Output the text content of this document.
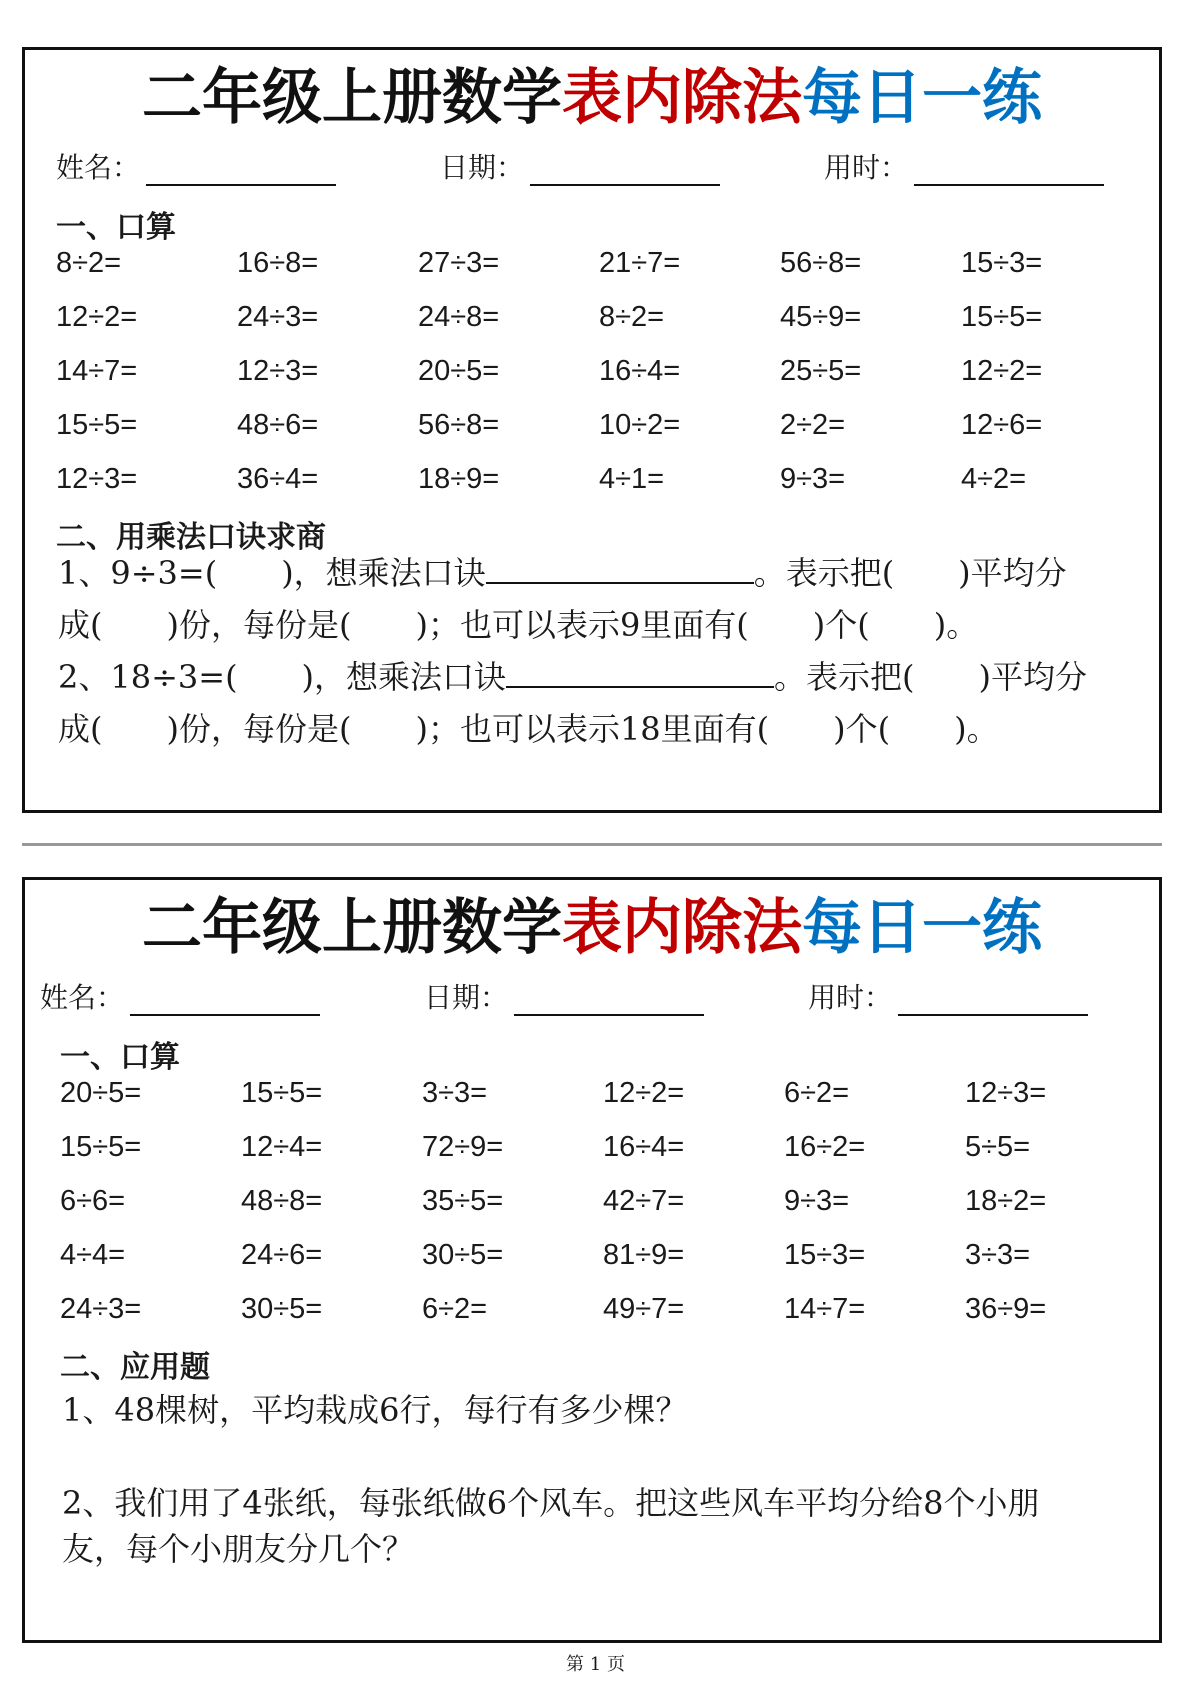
二年级上册数学表内除法每日一练
姓名：	日期：	用时：
一、口算
8÷2=	16÷8=	27÷3=	21÷7=	56÷8=	15÷3=
12÷2=	24÷3=	24÷8=	8÷2=	45÷9=	15÷5=
14÷7=	12÷3=	20÷5=	16÷4=	25÷5=	12÷2=
15÷5=	48÷6=	56÷8=	10÷2=	2÷2=	12÷6=
12÷3=	36÷4=	18÷9=	4÷1=	9÷3=	4÷2=
二、用乘法口诀求商
1、9÷3=(　　)，想乘法口诀	。表示把(　　)平均分
成(　　)份，每份是(　　)；也可以表示9里面有(　　)个(　　)。
2、18÷3=(　　)，想乘法口诀	。表示把(　　)平均分
成(　　)份，每份是(　　)；也可以表示18里面有(　　)个(　　)。
二年级上册数学表内除法每日一练
姓名：	日期：	用时：
一、口算
20÷5=	15÷5=	3÷3=	12÷2=	6÷2=	12÷3=
15÷5=	12÷4=	72÷9=	16÷4=	16÷2=	5÷5=
6÷6=	48÷8=	35÷5=	42÷7=	9÷3=	18÷2=
4÷4=	24÷6=	30÷5=	81÷9=	15÷3=	3÷3=
24÷3=	30÷5=	6÷2=	49÷7=	14÷7=	36÷9=
二、应用题
1、48棵树，平均栽成6行，每行有多少棵？
2、我们用了4张纸，每张纸做6个风车。把这些风车平均分给8个小朋
友，每个小朋友分几个？
第 1 页
